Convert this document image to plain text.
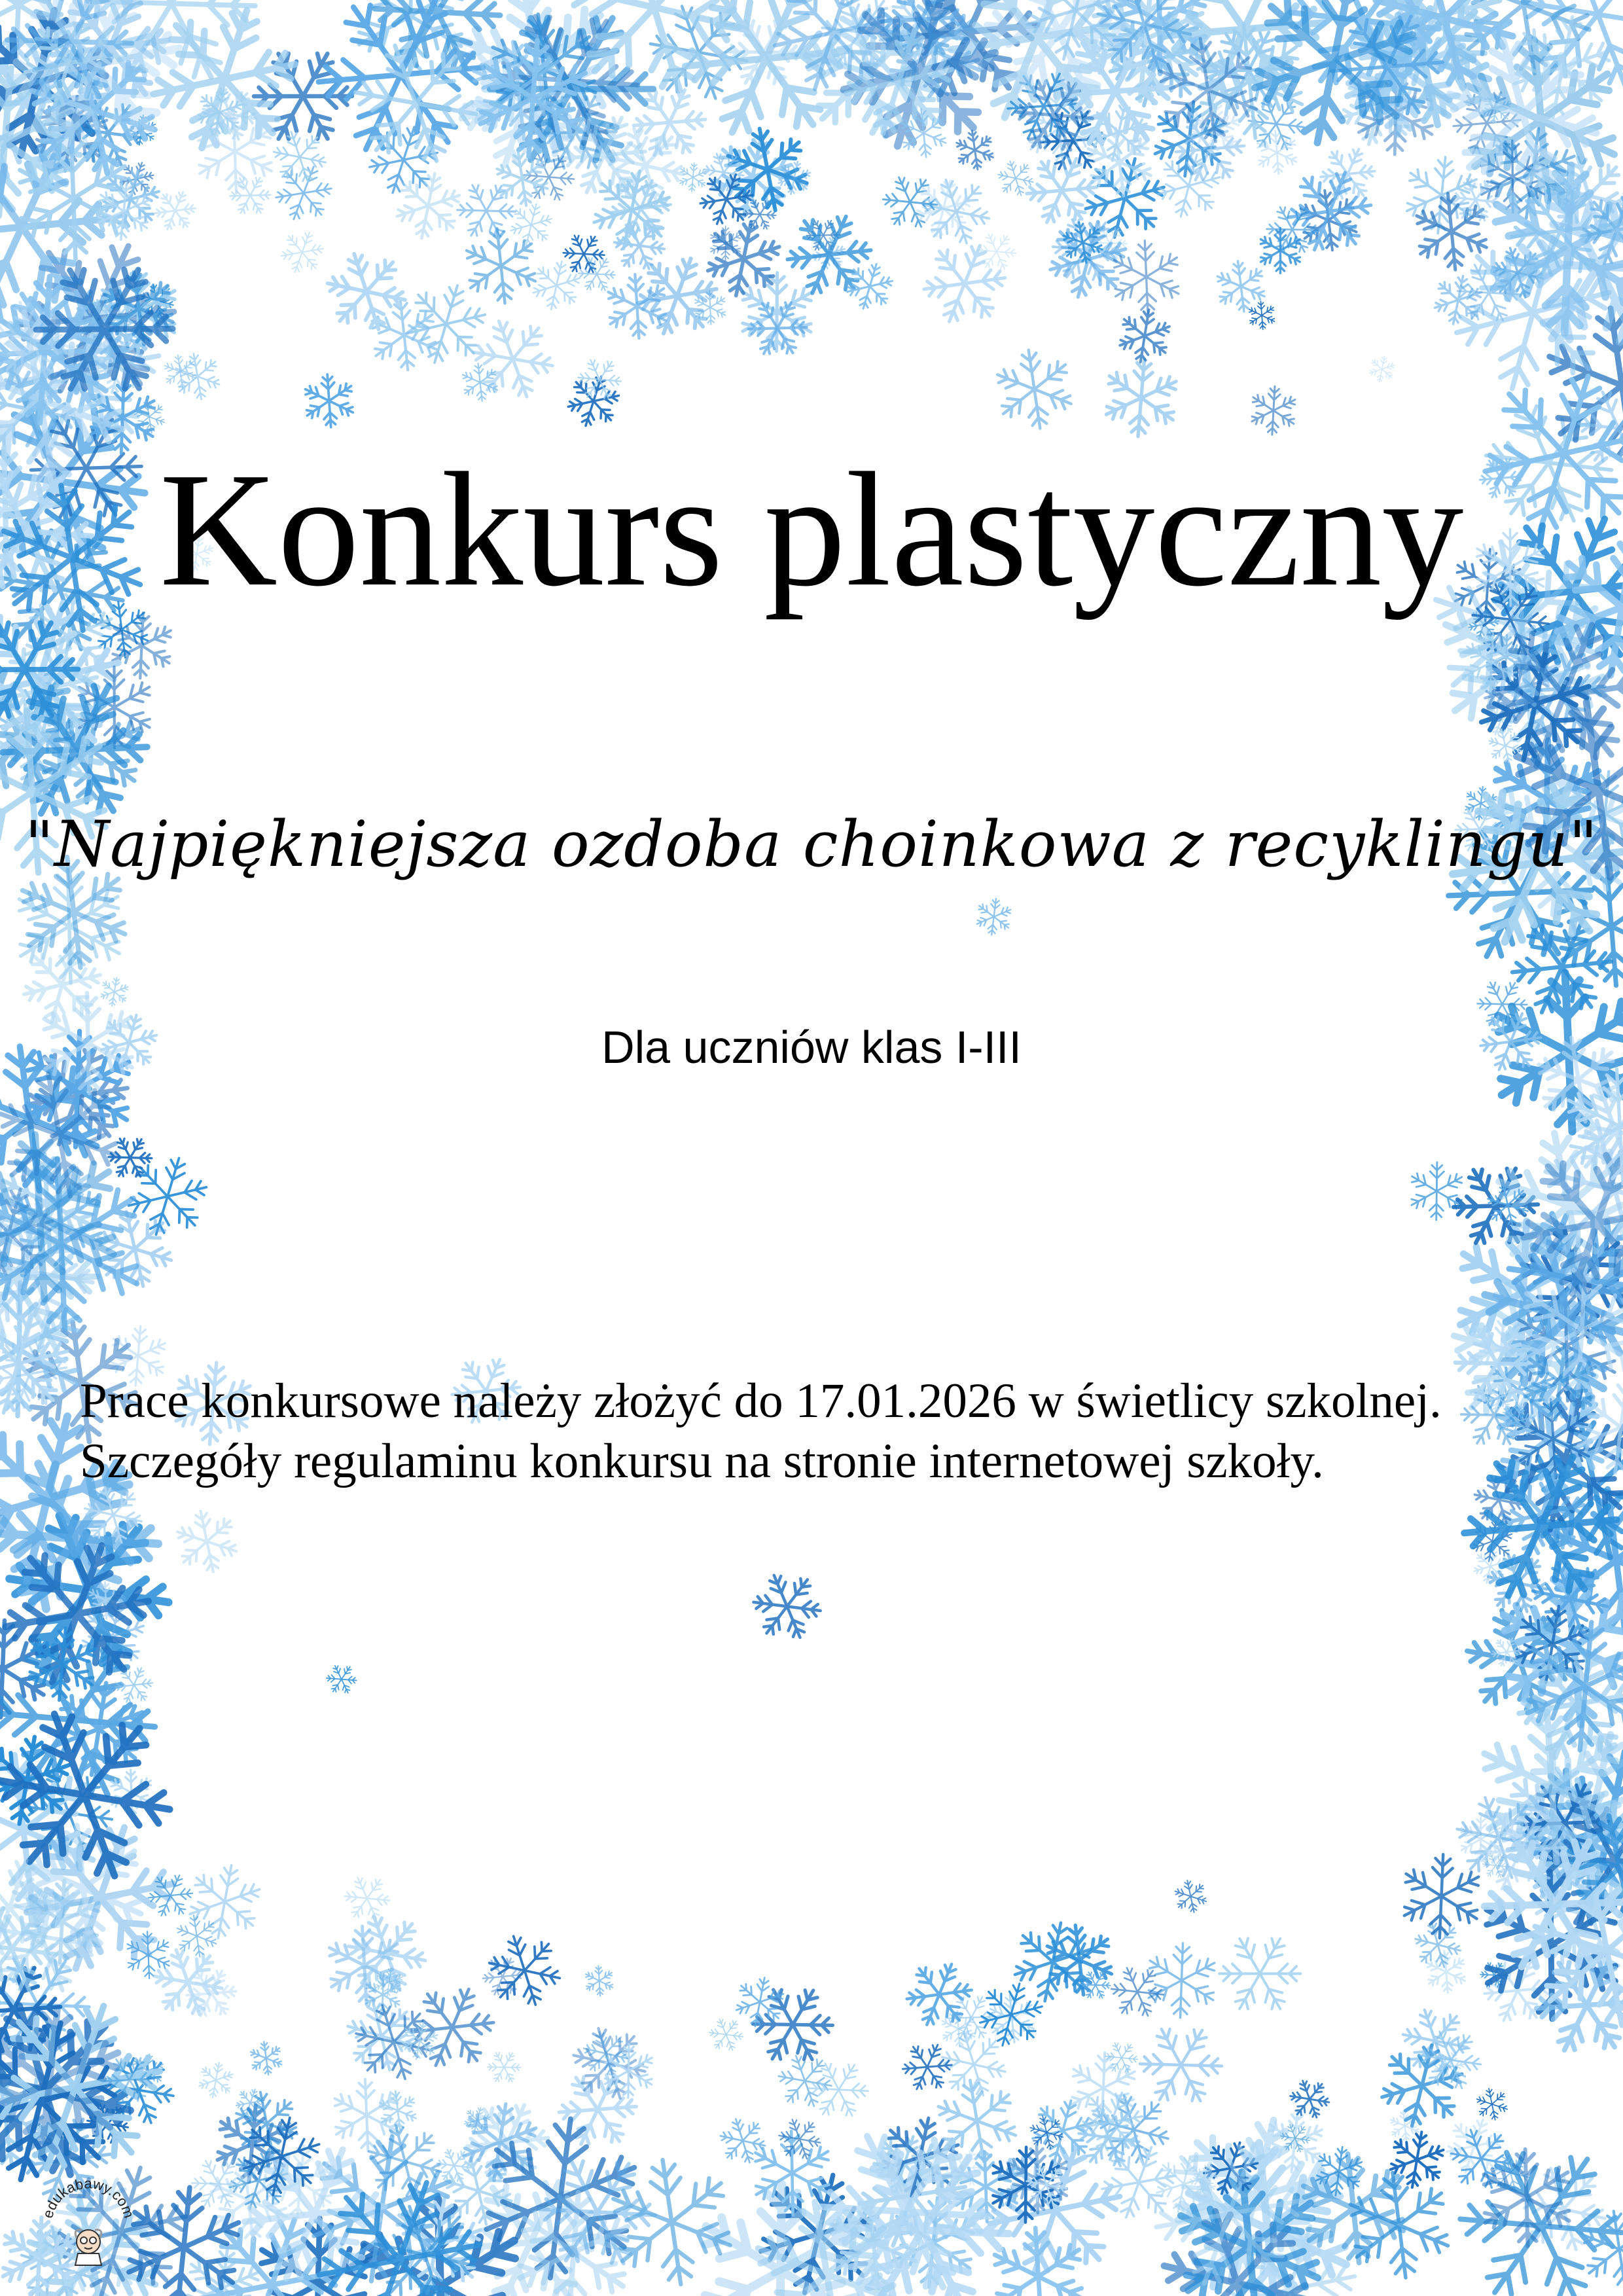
Konkurs plastyczny
"Najpiękniejsza ozdoba choinkowa z recyklingu"
Dla uczniów klas I-III

Prace konkursowe należy złożyć do 17.01.2026 w świetlicy szkolnej.

Szczegóły regulaminu konkursu na stronie internetowej szkoły.

edukabawy.com
